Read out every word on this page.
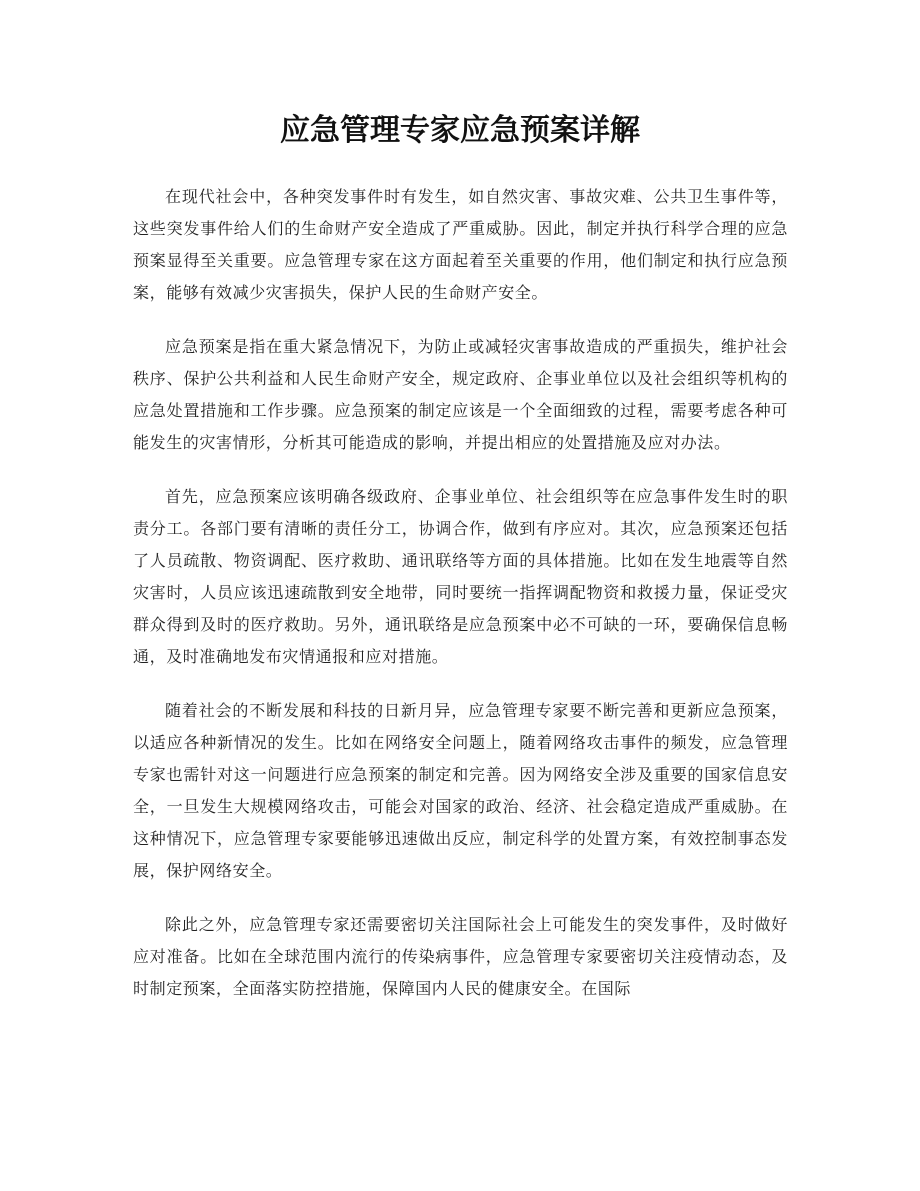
应急管理专家应急预案详解

在现代社会中，各种突发事件时有发生，如自然灾害、事故灾难、公共卫生事件等，这些突发事件给人们的生命财产安全造成了严重威胁。因此，制定并执行科学合理的应急预案显得至关重要。应急管理专家在这方面起着至关重要的作用，他们制定和执行应急预案，能够有效减少灾害损失，保护人民的生命财产安全。

应急预案是指在重大紧急情况下，为防止或减轻灾害事故造成的严重损失，维护社会秩序、保护公共利益和人民生命财产安全，规定政府、企事业单位以及社会组织等机构的应急处置措施和工作步骤。应急预案的制定应该是一个全面细致的过程，需要考虑各种可能发生的灾害情形，分析其可能造成的影响，并提出相应的处置措施及应对办法。

首先，应急预案应该明确各级政府、企事业单位、社会组织等在应急事件发生时的职责分工。各部门要有清晰的责任分工，协调合作，做到有序应对。其次，应急预案还包括了人员疏散、物资调配、医疗救助、通讯联络等方面的具体措施。比如在发生地震等自然灾害时，人员应该迅速疏散到安全地带，同时要统一指挥调配物资和救援力量，保证受灾群众得到及时的医疗救助。另外，通讯联络是应急预案中必不可缺的一环，要确保信息畅通，及时准确地发布灾情通报和应对措施。

随着社会的不断发展和科技的日新月异，应急管理专家要不断完善和更新应急预案，以适应各种新情况的发生。比如在网络安全问题上，随着网络攻击事件的频发，应急管理专家也需针对这一问题进行应急预案的制定和完善。因为网络安全涉及重要的国家信息安全，一旦发生大规模网络攻击，可能会对国家的政治、经济、社会稳定造成严重威胁。在这种情况下，应急管理专家要能够迅速做出反应，制定科学的处置方案，有效控制事态发展，保护网络安全。

除此之外，应急管理专家还需要密切关注国际社会上可能发生的突发事件，及时做好应对准备。比如在全球范围内流行的传染病事件，应急管理专家要密切关注疫情动态，及时制定预案，全面落实防控措施，保障国内人民的健康安全。在国际
